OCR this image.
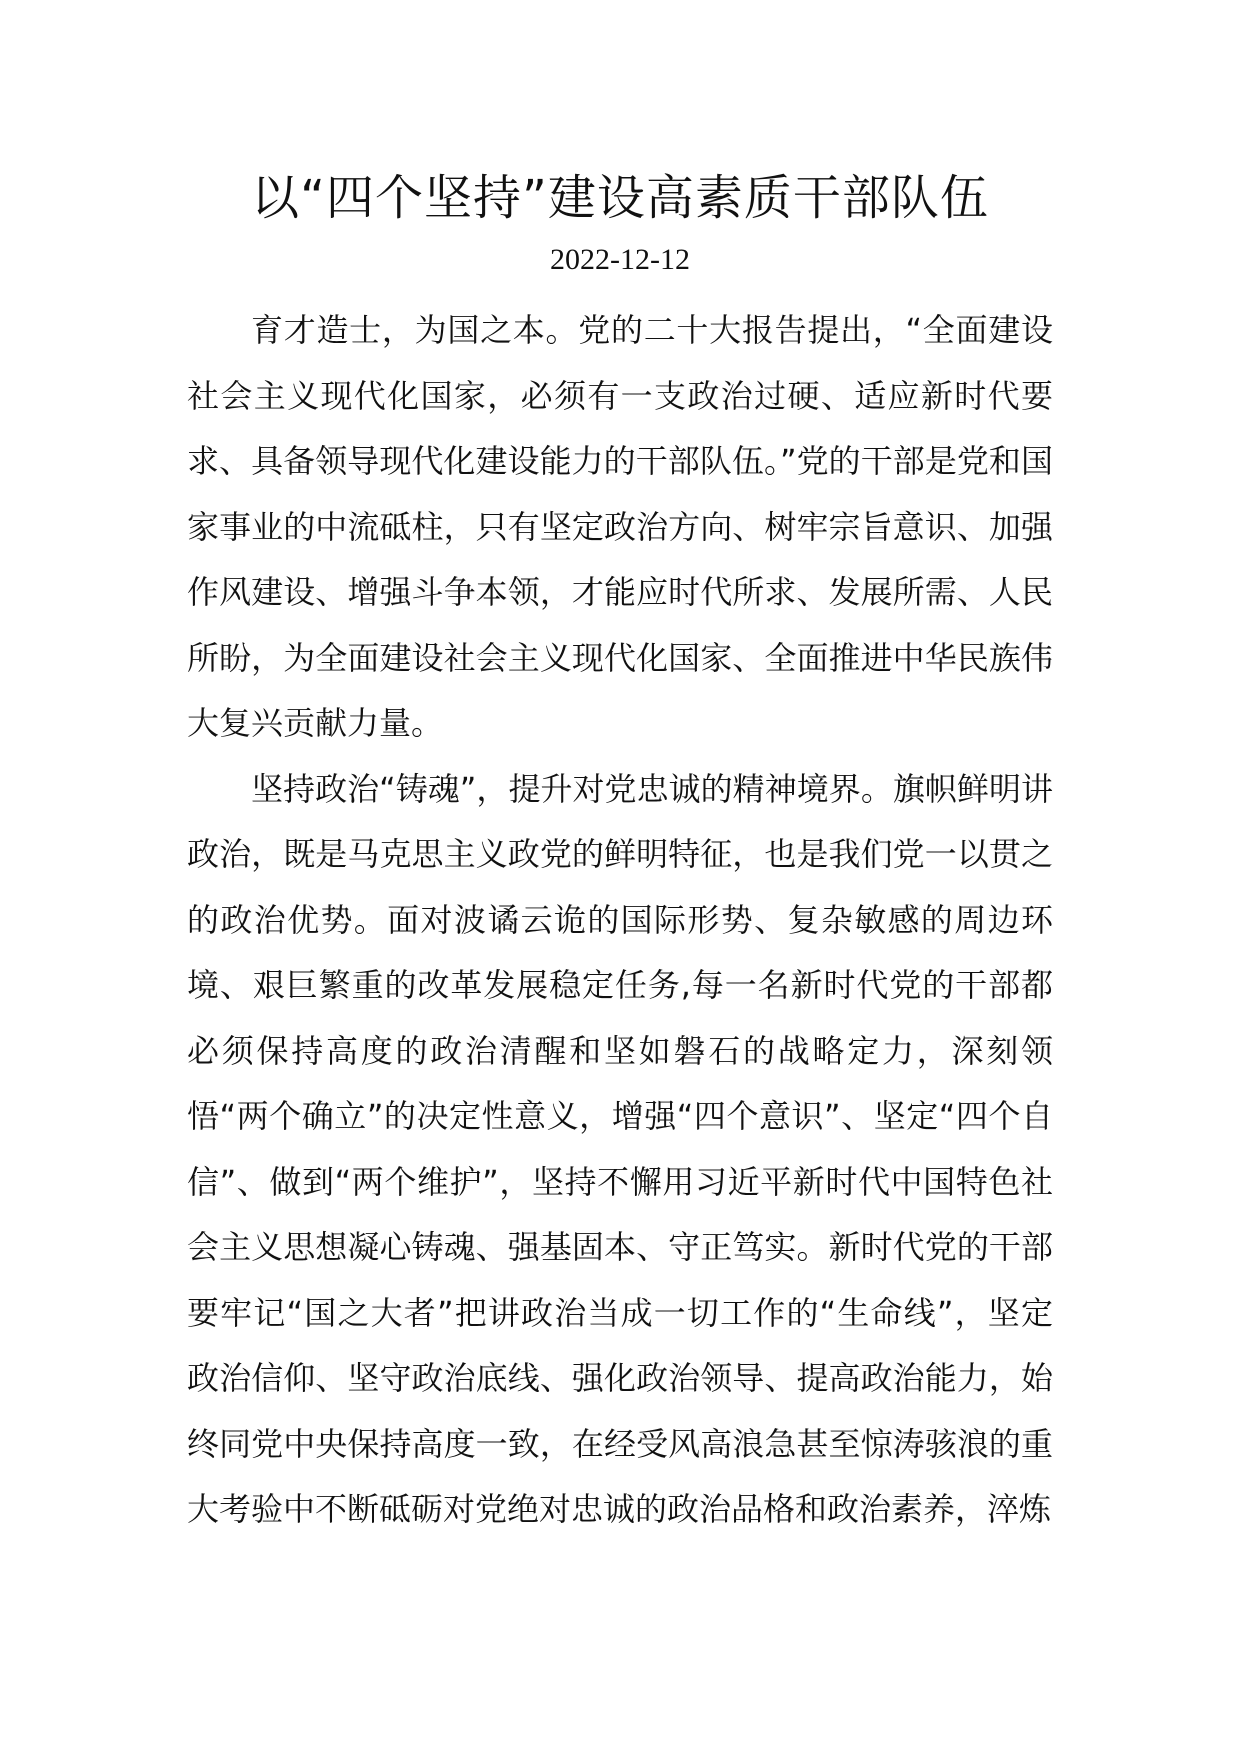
以“四个坚持”建设高素质干部队伍
2022-12-12

育才造士，为国之本。党的二十大报告提出，“全面建设社会主义现代化国家，必须有一支政治过硬、适应新时代要求、具备领导现代化建设能力的干部队伍。”党的干部是党和国家事业的中流砥柱，只有坚定政治方向、树牢宗旨意识、加强作风建设、增强斗争本领，才能应时代所求、发展所需、人民所盼，为全面建设社会主义现代化国家、全面推进中华民族伟大复兴贡献力量。

坚持政治“铸魂”，提升对党忠诚的精神境界。旗帜鲜明讲政治，既是马克思主义政党的鲜明特征，也是我们党一以贯之的政治优势。面对波谲云诡的国际形势、复杂敏感的周边环境、艰巨繁重的改革发展稳定任务,每一名新时代党的干部都必须保持高度的政治清醒和坚如磐石的战略定力，深刻领悟“两个确立”的决定性意义，增强“四个意识”、坚定“四个自信”、做到“两个维护”，坚持不懈用习近平新时代中国特色社会主义思想凝心铸魂、强基固本、守正笃实。新时代党的干部要牢记“国之大者”把讲政治当成一切工作的“生命线”，坚定政治信仰、坚守政治底线、强化政治领导、提高政治能力，始终同党中央保持高度一致，在经受风高浪急甚至惊涛骇浪的重大考验中不断砥砺对党绝对忠诚的政治品格和政治素养，淬炼
